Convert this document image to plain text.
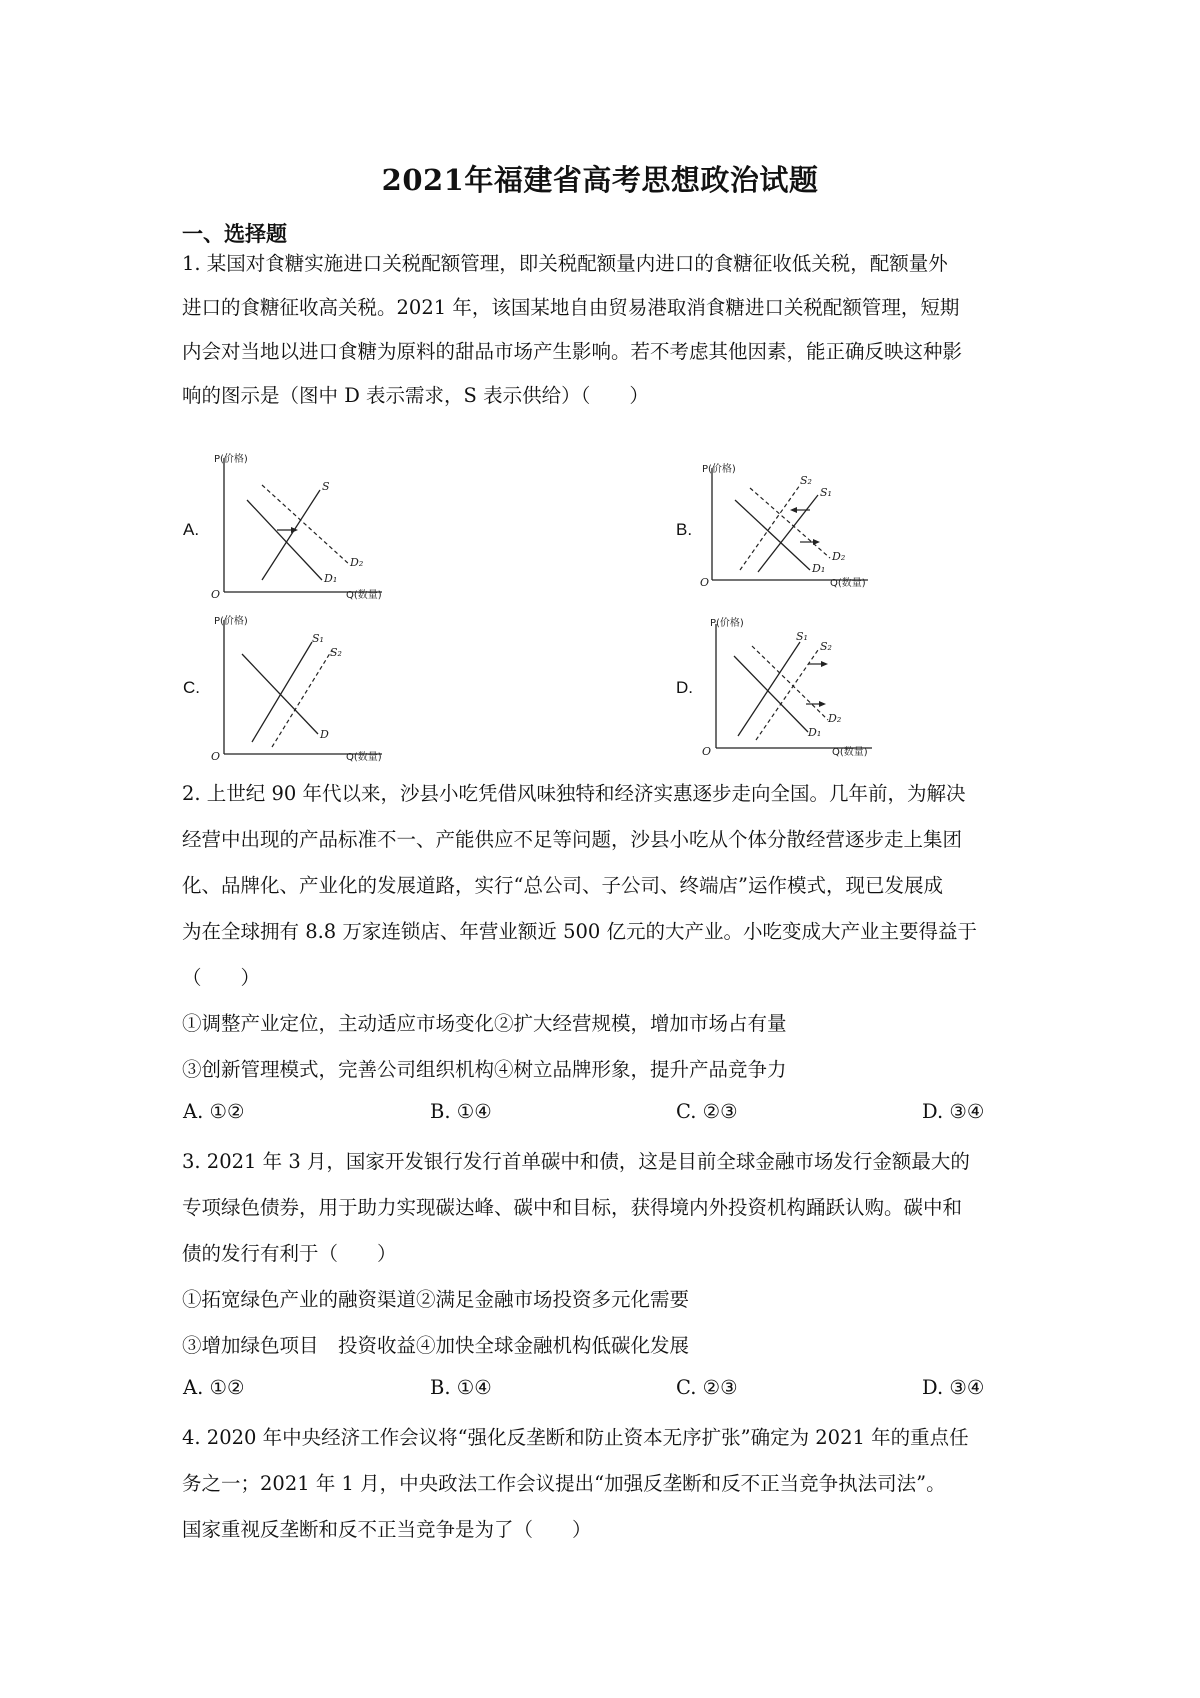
2021年福建省高考思想政治试题
一、选择题
1. 某国对食糖实施进口关税配额管理，即关税配额量内进口的食糖征收低关税，配额量外
进口的食糖征收高关税。2021 年，该国某地自由贸易港取消食糖进口关税配额管理，短期
内会对当地以进口食糖为原料的甜品市场产生影响。若不考虑其他因素，能正确反映这种影
响的图示是（图中 D 表示需求，S 表示供给）（　　）
A.	B.
C.	D.
P(价格)
Q(数量)
O
S
D₂
D₁
P(价格)
Q(数量)
O
S₂
S₁
D₂
D₁
P(价格)
Q(数量)
O
S₁
S₂
D
P(价格)
Q(数量)
O
S₁
S₂
D₂
D₁
2. 上世纪 90 年代以来，沙县小吃凭借风味独特和经济实惠逐步走向全国。几年前，为解决
经营中出现的产品标准不一、产能供应不足等问题，沙县小吃从个体分散经营逐步走上集团
化、品牌化、产业化的发展道路，实行“总公司、子公司、终端店”运作模式，现已发展成
为在全球拥有 8.8 万家连锁店、年营业额近 500 亿元的大产业。小吃变成大产业主要得益于
（　　）
①调整产业定位，主动适应市场变化②扩大经营规模，增加市场占有量
③创新管理模式，完善公司组织机构④树立品牌形象，提升产品竞争力
A. ①②	B. ①④	C. ②③	D. ③④
3. 2021 年 3 月，国家开发银行发行首单碳中和债，这是目前全球金融市场发行金额最大的
专项绿色债券，用于助力实现碳达峰、碳中和目标，获得境内外投资机构踊跃认购。碳中和
债的发行有利于（　　）
①拓宽绿色产业的融资渠道②满足金融市场投资多元化需要
③增加绿色项目　投资收益④加快全球金融机构低碳化发展
A. ①②	B. ①④	C. ②③	D. ③④
4. 2020 年中央经济工作会议将“强化反垄断和防止资本无序扩张”确定为 2021 年的重点任
务之一；2021 年 1 月，中央政法工作会议提出“加强反垄断和反不正当竞争执法司法”。
国家重视反垄断和反不正当竞争是为了（　　）
